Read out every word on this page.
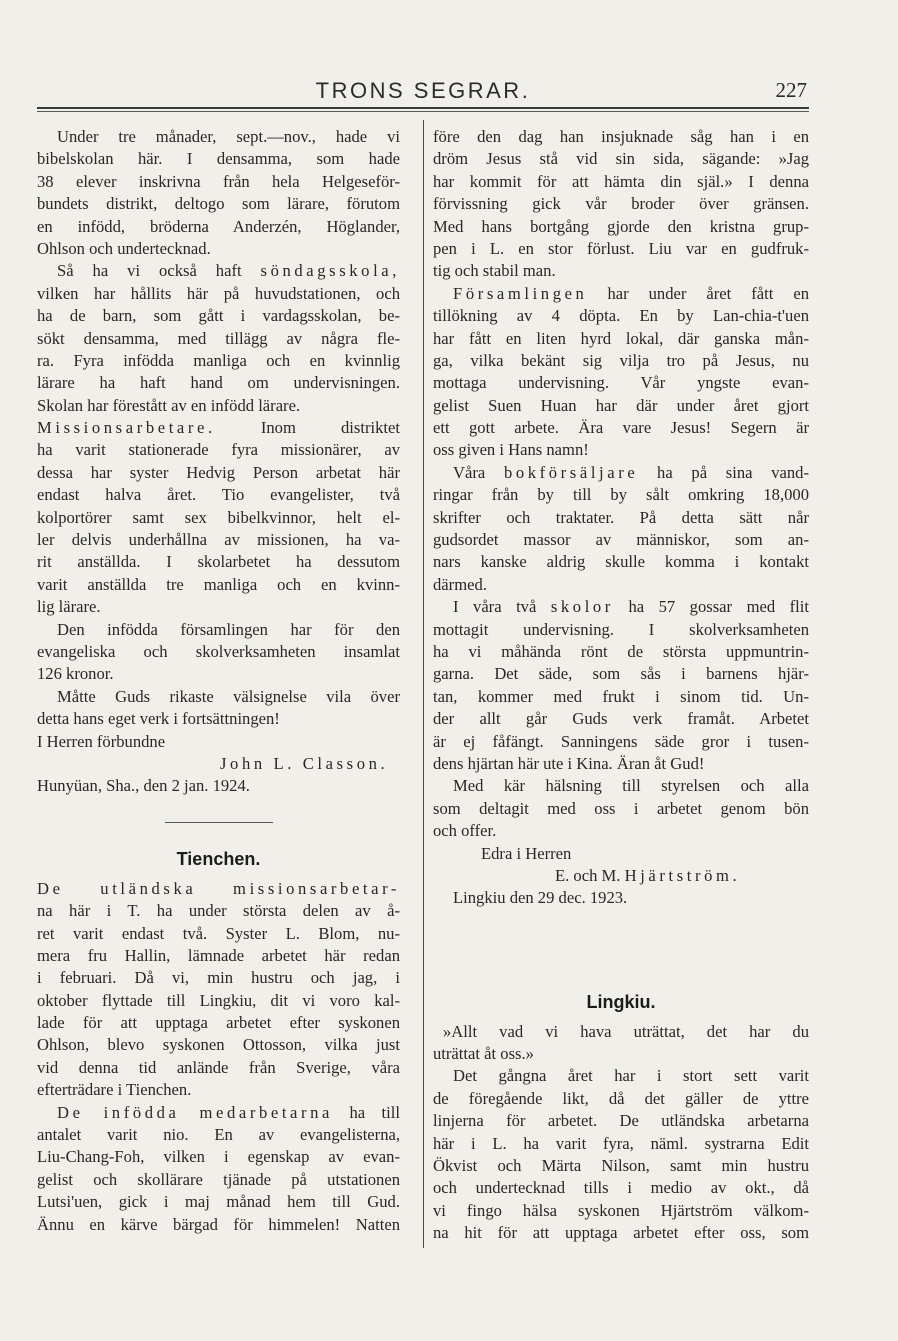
TRONS SEGRAR.	227
Under tre månader, sept.—nov., hade vi
bibelskolan här. I densamma, som hade
38 elever inskrivna från hela Helgeseför-
bundets distrikt, deltogo som lärare, förutom
en infödd, bröderna Anderzén, Höglander,
Ohlson och undertecknad.
Så ha vi också haft söndagsskola,
vilken har hållits här på huvudstationen, och
ha de barn, som gått i vardagsskolan, be-
sökt densamma, med tillägg av några fle-
ra. Fyra infödda manliga och en kvinnlig
lärare ha haft hand om undervisningen.
Skolan har förestått av en infödd lärare.
Missionsarbetare.	Inom distriktet
ha varit stationerade fyra missionärer, av
dessa har syster Hedvig Person arbetat här
endast halva året. Tio evangelister, två
kolportörer samt sex bibelkvinnor, helt el-
ler delvis underhållna av missionen, ha va-
rit anställda. I skolarbetet ha dessutom
varit anställda tre manliga och en kvinn-
lig lärare.
Den infödda församlingen har för den
evangeliska och skolverksamheten insamlat
126 kronor.
Måtte Guds rikaste välsignelse vila över
detta hans eget verk i fortsättningen!
I Herren förbundne
John L. Classon.
Hunyüan, Sha., den 2 jan. 1924.
Tienchen.
De utländska missionsarbetar-
na här i T. ha under största delen av å-
ret varit endast två. Syster L. Blom, nu-
mera fru Hallin, lämnade arbetet här redan
i februari. Då vi, min hustru och jag, i
oktober flyttade till Lingkiu, dit vi voro kal-
lade för att upptaga arbetet efter syskonen
Ohlson, blevo syskonen Ottosson, vilka just
vid denna tid anlände från Sverige, våra
efterträdare i Tienchen.
De infödda medarbetarna ha till
antalet varit nio. En av evangelisterna,
Liu-Chang-Foh, vilken i egenskap av evan-
gelist och skollärare tjänade på utstationen
Lutsi'uen, gick i maj månad hem till Gud.
Ännu en kärve bärgad för himmelen! Natten
före den dag han insjuknade såg han i en
dröm Jesus stå vid sin sida, sägande: »Jag
har kommit för att hämta din själ.» I denna
förvissning gick vår broder över gränsen.
Med hans bortgång gjorde den kristna grup-
pen i L. en stor förlust. Liu var en gudfruk-
tig och stabil man.
Församlingen har under året fått en
tillökning av 4 döpta. En by Lan-chia-t'uen
har fått en liten hyrd lokal, där ganska mån-
ga, vilka bekänt sig vilja tro på Jesus, nu
mottaga undervisning. Vår yngste evan-
gelist Suen Huan har där under året gjort
ett gott arbete. Ära vare Jesus! Segern är
oss given i Hans namn!
Våra bokförsäljare ha på sina vand-
ringar från by till by sålt omkring 18,000
skrifter och traktater. På detta sätt når
gudsordet massor av människor, som an-
nars kanske aldrig skulle komma i kontakt
därmed.
I våra två skolor ha 57 gossar med flit
mottagit undervisning. I skolverksamheten
ha vi måhända rönt de största uppmuntrin-
garna. Det säde, som sås i barnens hjär-
tan, kommer med frukt i sinom tid. Un-
der allt går Guds verk framåt. Arbetet
är ej fåfängt. Sanningens säde gror i tusen-
dens hjärtan här ute i Kina. Äran åt Gud!
Med kär hälsning till styrelsen och alla
som deltagit med oss i arbetet genom bön
och offer.
Edra i Herren
E. och M. Hjärtström.
Lingkiu den 29 dec. 1923.
Lingkiu.
»Allt vad vi hava uträttat, det har du
uträttat åt oss.»
Det gångna året har i stort sett varit
de föregående likt, då det gäller de yttre
linjerna för arbetet. De utländska arbetarna
här i L. ha varit fyra, näml. systrarna Edit
Ökvist och Märta Nilson, samt min hustru
och undertecknad tills i medio av okt., då
vi fingo hälsa syskonen Hjärtström välkom-
na hit för att upptaga arbetet efter oss, som
